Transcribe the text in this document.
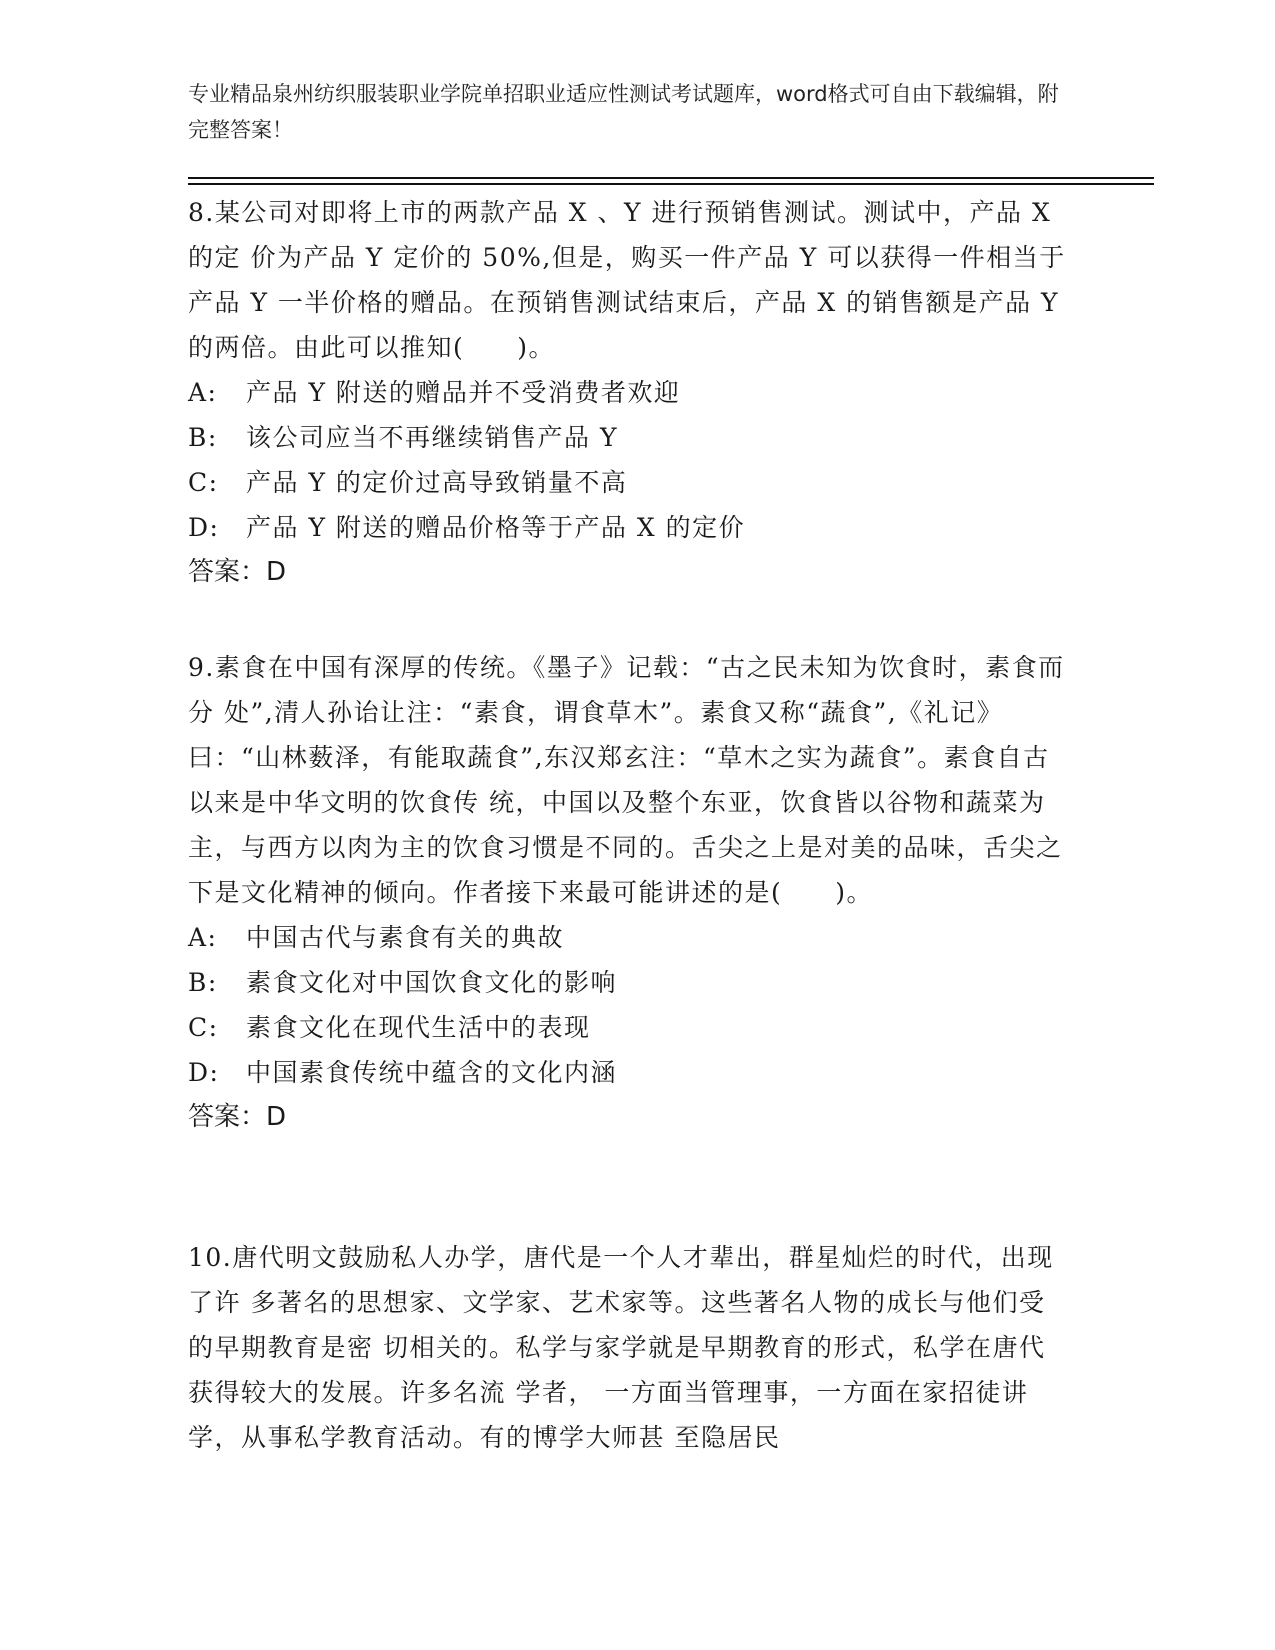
专业精品泉州纺织服装职业学院单招职业适应性测试考试题库，word格式可自由下载编辑，附完整答案！

8.某公司对即将上市的两款产品 X 、Y 进行预销售测试。测试中，产品 X 的定 价为产品 Y 定价的 50%,但是，购买一件产品 Y 可以获得一件相当于产品 Y 一半价格的赠品。在预销售测试结束后，产品 X 的销售额是产品 Y 的两倍。由此可以推知(　　)。

A: 产品 Y 附送的赠品并不受消费者欢迎
B: 该公司应当不再继续销售产品 Y
C: 产品 Y 的定价过高导致销量不高
D: 产品 Y 附送的赠品价格等于产品 X 的定价
答案：D

9.素食在中国有深厚的传统。《墨子》记载：“古之民未知为饮食时，素食而分 处”,清人孙诒让注：“素食，谓食草木”。素食又称“蔬食”,《礼记》曰：“山林薮泽，有能取蔬食”,东汉郑玄注：“草木之实为蔬食”。素食自古以来是中华文明的饮食传 统，中国以及整个东亚，饮食皆以谷物和蔬菜为主，与西方以肉为主的饮食习惯是不同的。舌尖之上是对美的品味，舌尖之下是文化精神的倾向。作者接下来最可能讲述的是(　　)。

A: 中国古代与素食有关的典故
B: 素食文化对中国饮食文化的影响
C: 素食文化在现代生活中的表现
D: 中国素食传统中蕴含的文化内涵
答案：D

10.唐代明文鼓励私人办学，唐代是一个人才辈出，群星灿烂的时代，出现了许 多著名的思想家、文学家、艺术家等。这些著名人物的成长与他们受的早期教育是密 切相关的。私学与家学就是早期教育的形式，私学在唐代获得较大的发展。许多名流 学者， 一方面当管理事，一方面在家招徒讲学，从事私学教育活动。有的博学大师甚 至隐居民
